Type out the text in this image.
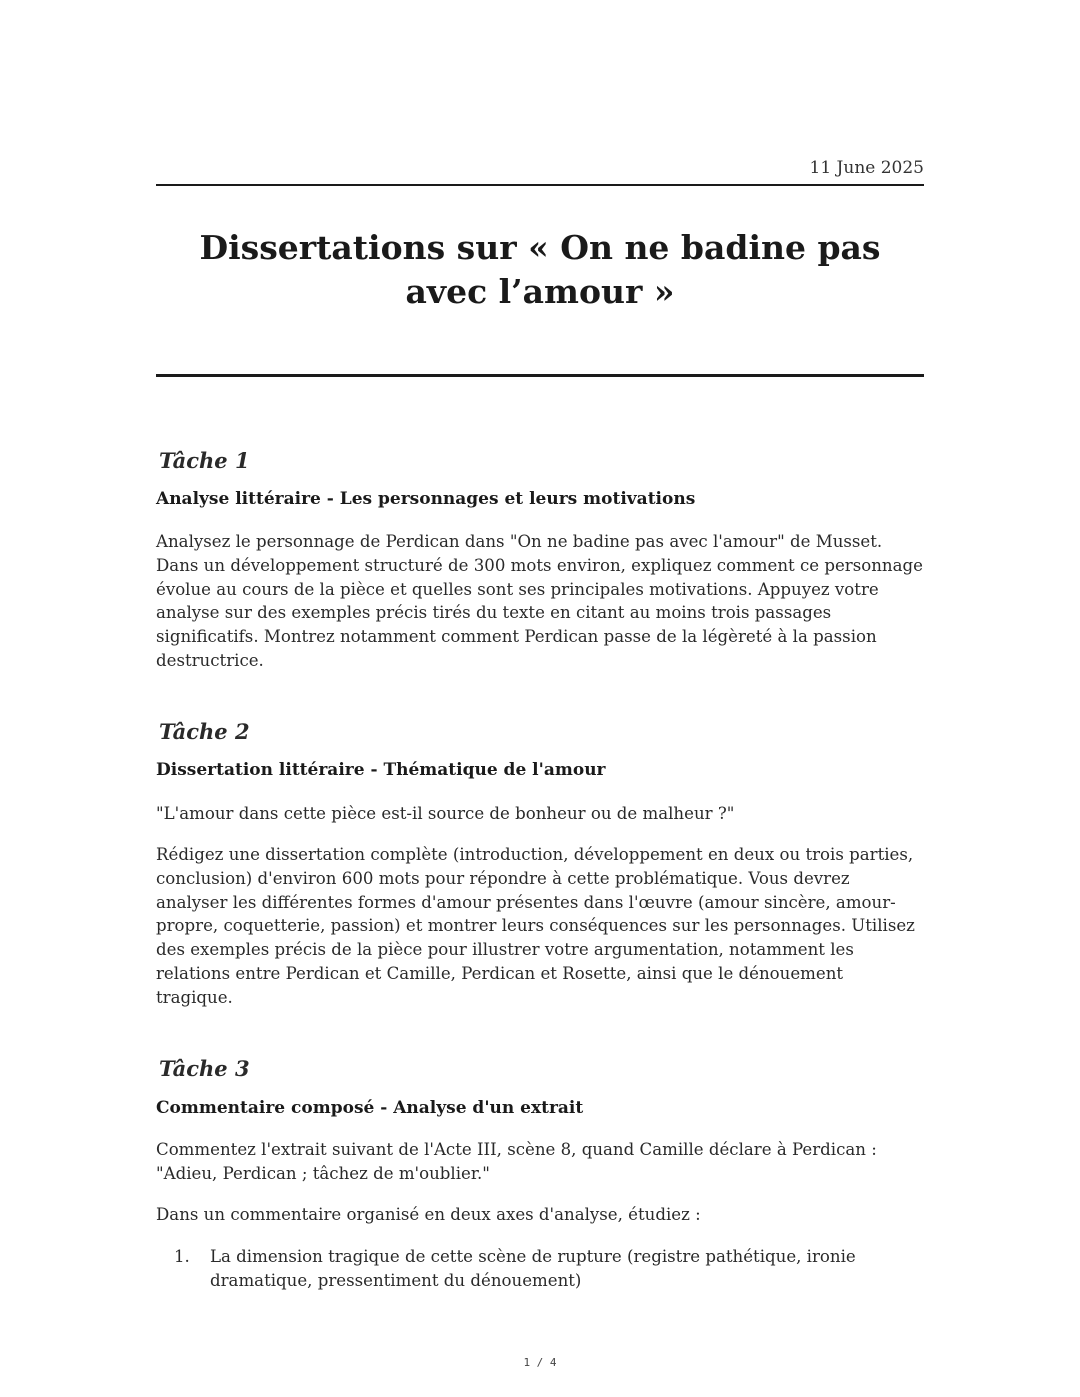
11 June 2025
Dissertations sur « On ne badine pas avec l’amour »
Tâche 1
Analyse littéraire - Les personnages et leurs motivations
Analysez le personnage de Perdican dans "On ne badine pas avec l'amour" de Musset. Dans un développement structuré de 300 mots environ, expliquez comment ce personnage évolue au cours de la pièce et quelles sont ses principales motivations. Appuyez votre analyse sur des exemples précis tirés du texte en citant au moins trois passages significatifs. Montrez notamment comment Perdican passe de la légèreté à la passion destructrice.
Tâche 2
Dissertation littéraire - Thématique de l'amour
"L'amour dans cette pièce est-il source de bonheur ou de malheur ?"
Rédigez une dissertation complète (introduction, développement en deux ou trois parties, conclusion) d'environ 600 mots pour répondre à cette problématique. Vous devrez analyser les différentes formes d'amour présentes dans l'œuvre (amour sincère, amour-propre, coquetterie, passion) et montrer leurs conséquences sur les personnages. Utilisez des exemples précis de la pièce pour illustrer votre argumentation, notamment les relations entre Perdican et Camille, Perdican et Rosette, ainsi que le dénouement tragique.
Tâche 3
Commentaire composé - Analyse d'un extrait
Commentez l'extrait suivant de l'Acte III, scène 8, quand Camille déclare à Perdican : "Adieu, Perdican ; tâchez de m'oublier."
Dans un commentaire organisé en deux axes d'analyse, étudiez :
1.	La dimension tragique de cette scène de rupture (registre pathétique, ironie dramatique, pressentiment du dénouement)
1 / 4
